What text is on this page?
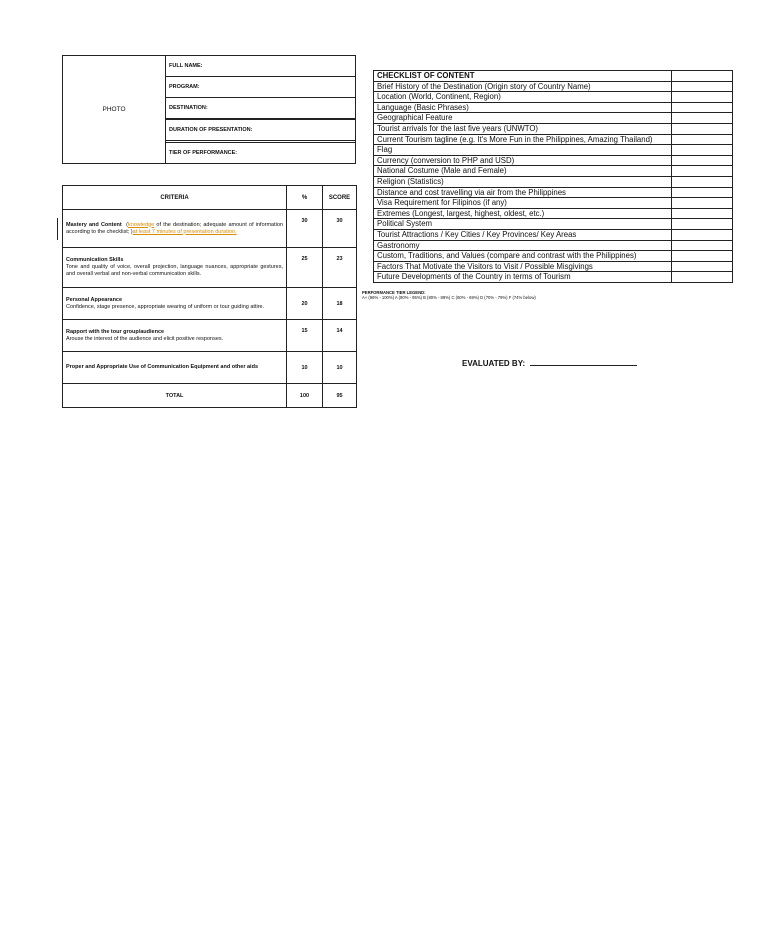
PHOTO
FULL NAME:
PROGRAM:
DESTINATION:
DURATION OF PRESENTATION:
TIER OF PERFORMANCE:
CRITERIA	%	SCORE

Mastery and Content (knowledge of the destination; adequate amount of information according to the checklist; )at least 7 minutes of presentation duration.	30	30

Communication Skills
Tone and quality of voice, overall projection, language nuances, appropriate gestures, and overall verbal and non-verbal communication skills.	25	23

Personal Appearance
Confidence, stage presence, appropriate wearing of uniform or tour guiding attire.	20	18

Rapport with the tour group/audience
Arouse the interest of the audience and elicit positive responses.	15	14

Proper and Appropriate Use of Communication Equipment and other aids	10	10
TOTAL	100	95
CHECKLIST OF CONTENT	
Brief History of the Destination (Origin story of Country Name)	
Location (World, Continent, Region)	
Language (Basic Phrases)	
Geographical Feature	
Tourist arrivals for the last five years (UNWTO)	
Current Tourism tagline (e.g. It's More Fun in the Philippines, Amazing Thailand)	
Flag	
Currency (conversion to PHP and USD)	
National Costume (Male and Female)	
Religion (Statistics)	
Distance and cost travelling via air from the Philippines	
Visa Requirement for Filipinos (if any)	
Extremes (Longest, largest, highest, oldest, etc.)	
Political System	
Tourist Attractions / Key Cities / Key Provinces/ Key Areas	
Gastronomy	
Custom, Traditions, and Values (compare and contrast with the Philippines)	
Factors That Motivate the Visitors to Visit / Possible Misgivings	
Future Developments of the Country in terms of Tourism	
PERFORMANCE TIER LEGEND:
A+ (96% - 100%) A (90% - 95%) B (80% - 89%) C (60% - 69%) D (70% - 79%) F (74% below)
EVALUATED BY:
